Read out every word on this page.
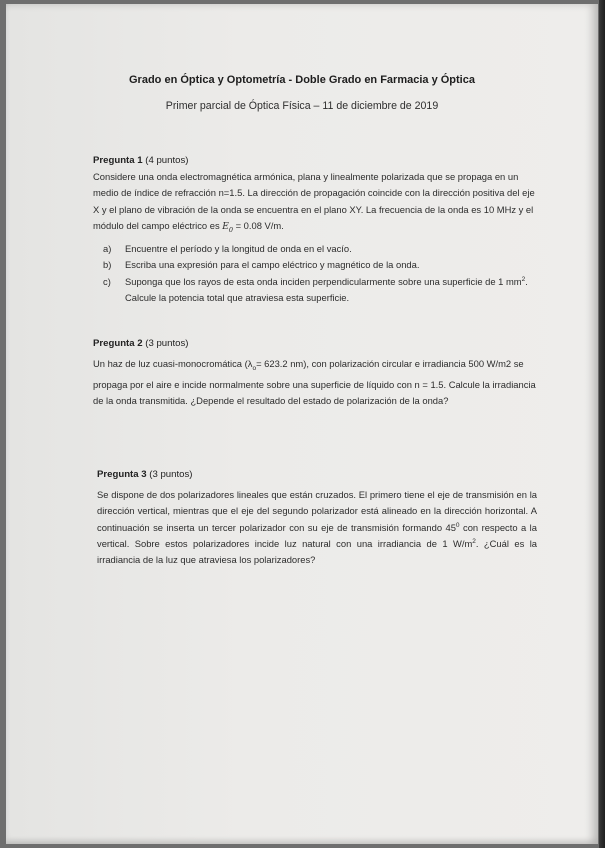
Grado en Óptica y Optometría - Doble Grado en Farmacia y Óptica
Primer parcial de Óptica Física – 11 de diciembre de 2019
Pregunta 1 (4 puntos)
Considere una onda electromagnética armónica, plana y linealmente polarizada que se propaga en un medio de índice de refracción n=1.5. La dirección de propagación coincide con la dirección positiva del eje X y el plano de vibración de la onda se encuentra en el plano XY. La frecuencia de la onda es 10 MHz y el módulo del campo eléctrico es $E_0 = 0.08$ V/m.
a) Encuentre el período y la longitud de onda en el vacío.
b) Escriba una expresión para el campo eléctrico y magnético de la onda.
c) Suponga que los rayos de esta onda inciden perpendicularmente sobre una superficie de 1 $mm^2$. Calcule la potencia total que atraviesa esta superficie.
Pregunta 2 (3 puntos)
Un haz de luz cuasi-monocromática ($\lambda_o= 623.2$ nm), con polarización circular e irradiancia 500 W/m2 se propaga por el aire e incide normalmente sobre una superficie de líquido con n = 1.5. Calcule la irradiancia de la onda transmitida. ¿Depende el resultado del estado de polarización de la onda?
Pregunta 3 (3 puntos)
Se dispone de dos polarizadores lineales que están cruzados. El primero tiene el eje de transmisión en la dirección vertical, mientras que el eje del segundo polarizador está alineado en la dirección horizontal. A continuación se inserta un tercer polarizador con su eje de transmisión formando $45^0$ con respecto a la vertical. Sobre estos polarizadores incide luz natural con una irradiancia de 1 $W/m^2$. ¿Cuál es la irradiancia de la luz que atraviesa los polarizadores?
